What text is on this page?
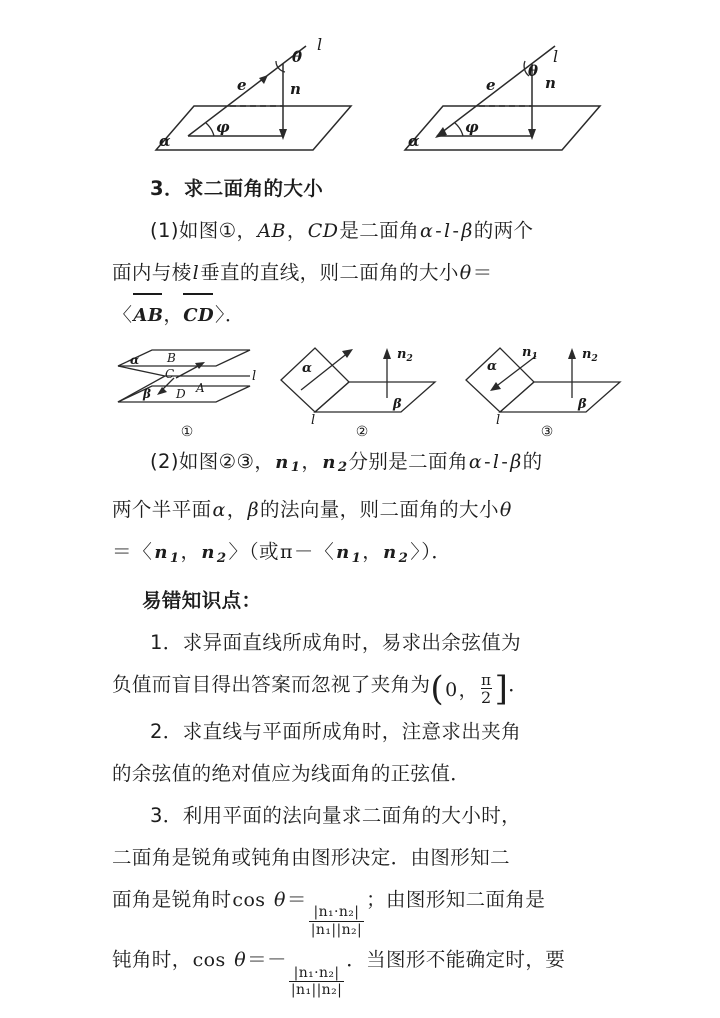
l
θ
n
e
φ
α
l
θ
n
e
φ
α

3．求二面角的大小

(1)如图①，AB，CD是二面角α - l - β的两个

面内与棱l垂直的直线，则二面角的大小θ＝

〈AB，CD〉．

α B
C
D A
β
l
①
α
β
l
$n_2$
②
α
β
l
$n_1$	$n_2$
③

(2)如图②③，n $_1$，n $_2$分别是二面角α - l - β的

两个半平面α，β的法向量，则二面角的大小θ

＝〈 n $_1$，n $_2$ 〉（或π－〈 n $_1$，n $_2$ 〉）．

易错知识点：

1．求异面直线所成角时，易求出余弦值为

负值而盲目得出答案而忽视了夹角为 ( 0 ， $\frac{\pi}{2}$ ] ．

2．求直线与平面所成角时，注意求出夹角

的余弦值的绝对值应为线面角的正弦值．

3．利用平面的法向量求二面角的大小时，

二面角是锐角或钝角由图形决定．由图形知二

面角是锐角时cos θ＝
$\frac{\text{|n₁·n₂|}}{\text{|n₁||n₂|}}$
；由图形知二面角是

钝角时，cos θ＝－
$\frac{\text{|n₁·n₂|}}{\text{|n₁||n₂|}}$
．当图形不能确定时，要
